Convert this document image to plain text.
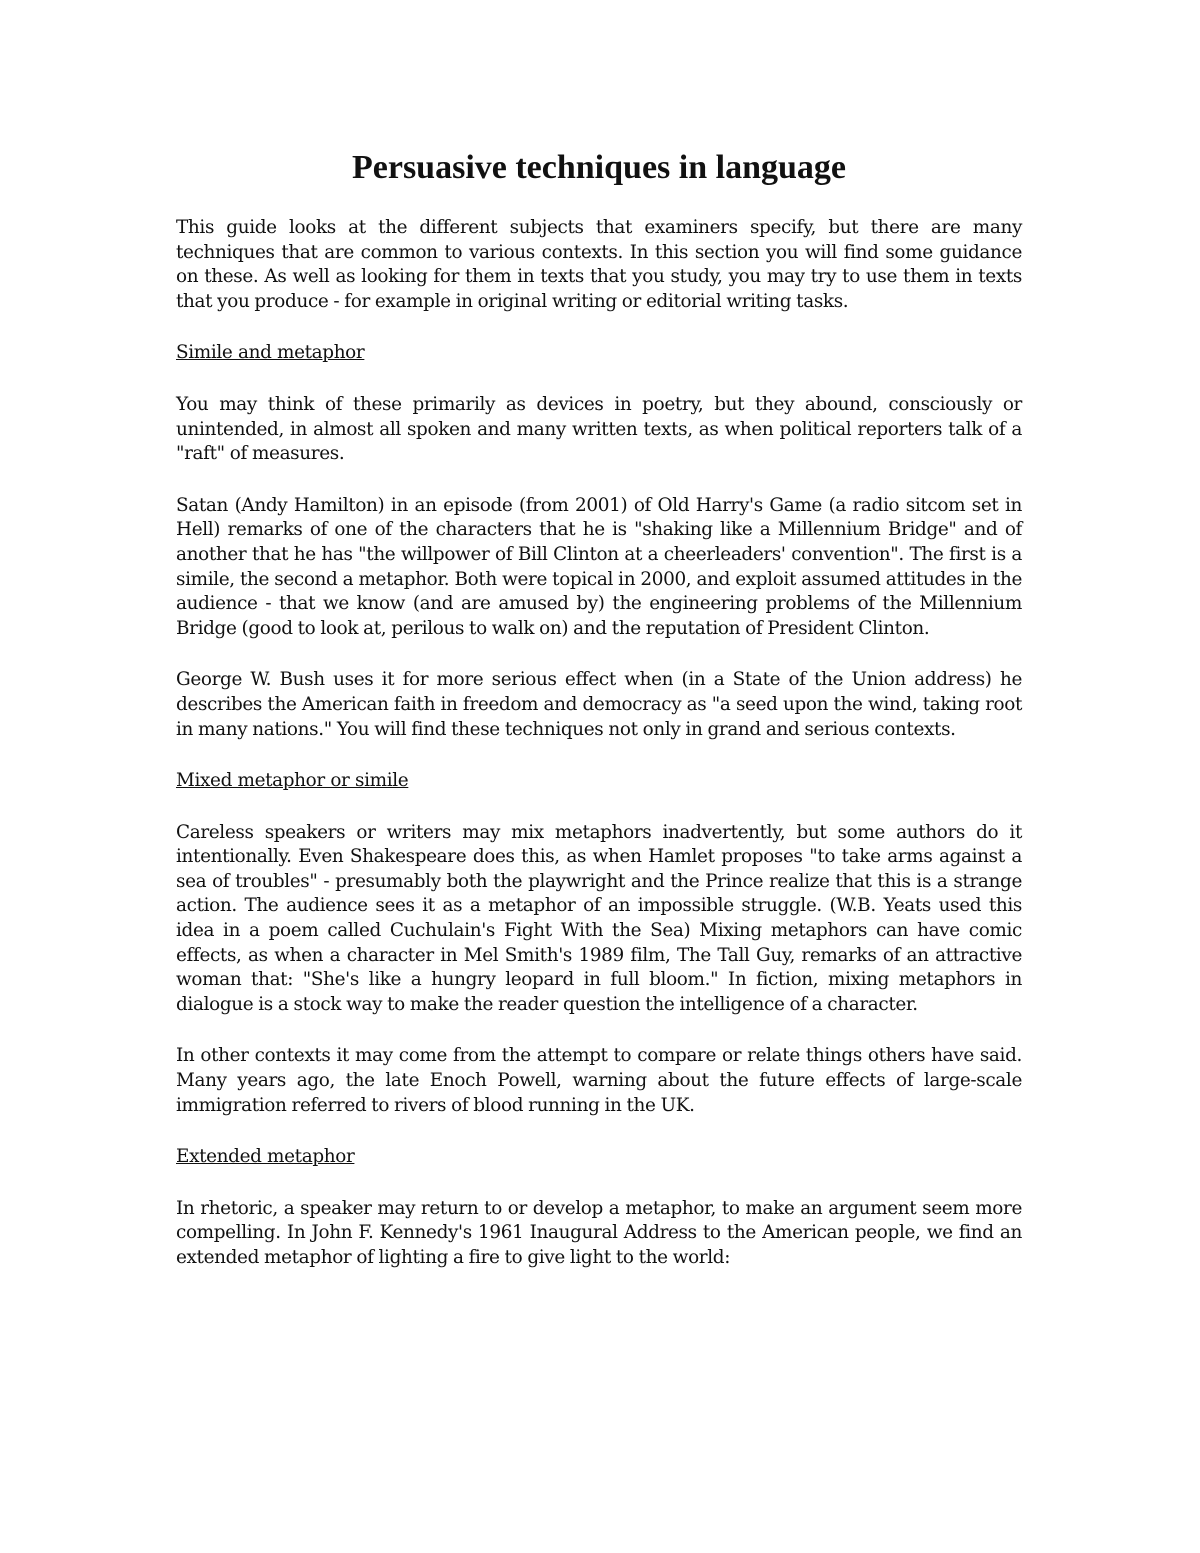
Persuasive techniques in language

This guide looks at the different subjects that examiners specify, but there are many techniques that are common to various contexts. In this section you will find some guidance on these. As well as looking for them in texts that you study, you may try to use them in texts that you produce - for example in original writing or editorial writing tasks.

Simile and metaphor

You may think of these primarily as devices in poetry, but they abound, consciously or unintended, in almost all spoken and many written texts, as when political reporters talk of a "raft" of measures.

Satan (Andy Hamilton) in an episode (from 2001) of Old Harry's Game (a radio sitcom set in Hell) remarks of one of the characters that he is "shaking like a Millennium Bridge" and of another that he has "the willpower of Bill Clinton at a cheerleaders' convention". The first is a simile, the second a metaphor. Both were topical in 2000, and exploit assumed attitudes in the audience - that we know (and are amused by) the engineering problems of the Millennium Bridge (good to look at, perilous to walk on) and the reputation of President Clinton.

George W. Bush uses it for more serious effect when (in a State of the Union address) he describes the American faith in freedom and democracy as "a seed upon the wind, taking root in many nations." You will find these techniques not only in grand and serious contexts.

Mixed metaphor or simile

Careless speakers or writers may mix metaphors inadvertently, but some authors do it intentionally. Even Shakespeare does this, as when Hamlet proposes "to take arms against a sea of troubles" - presumably both the playwright and the Prince realize that this is a strange action. The audience sees it as a metaphor of an impossible struggle. (W.B. Yeats used this idea in a poem called Cuchulain's Fight With the Sea) Mixing metaphors can have comic effects, as when a character in Mel Smith's 1989 film, The Tall Guy, remarks of an attractive woman that: "She's like a hungry leopard in full bloom." In fiction, mixing metaphors in dialogue is a stock way to make the reader question the intelligence of a character.

In other contexts it may come from the attempt to compare or relate things others have said. Many years ago, the late Enoch Powell, warning about the future effects of large-scale immigration referred to rivers of blood running in the UK.

Extended metaphor

In rhetoric, a speaker may return to or develop a metaphor, to make an argument seem more compelling. In John F. Kennedy's 1961 Inaugural Address to the American people, we find an extended metaphor of lighting a fire to give light to the world:
